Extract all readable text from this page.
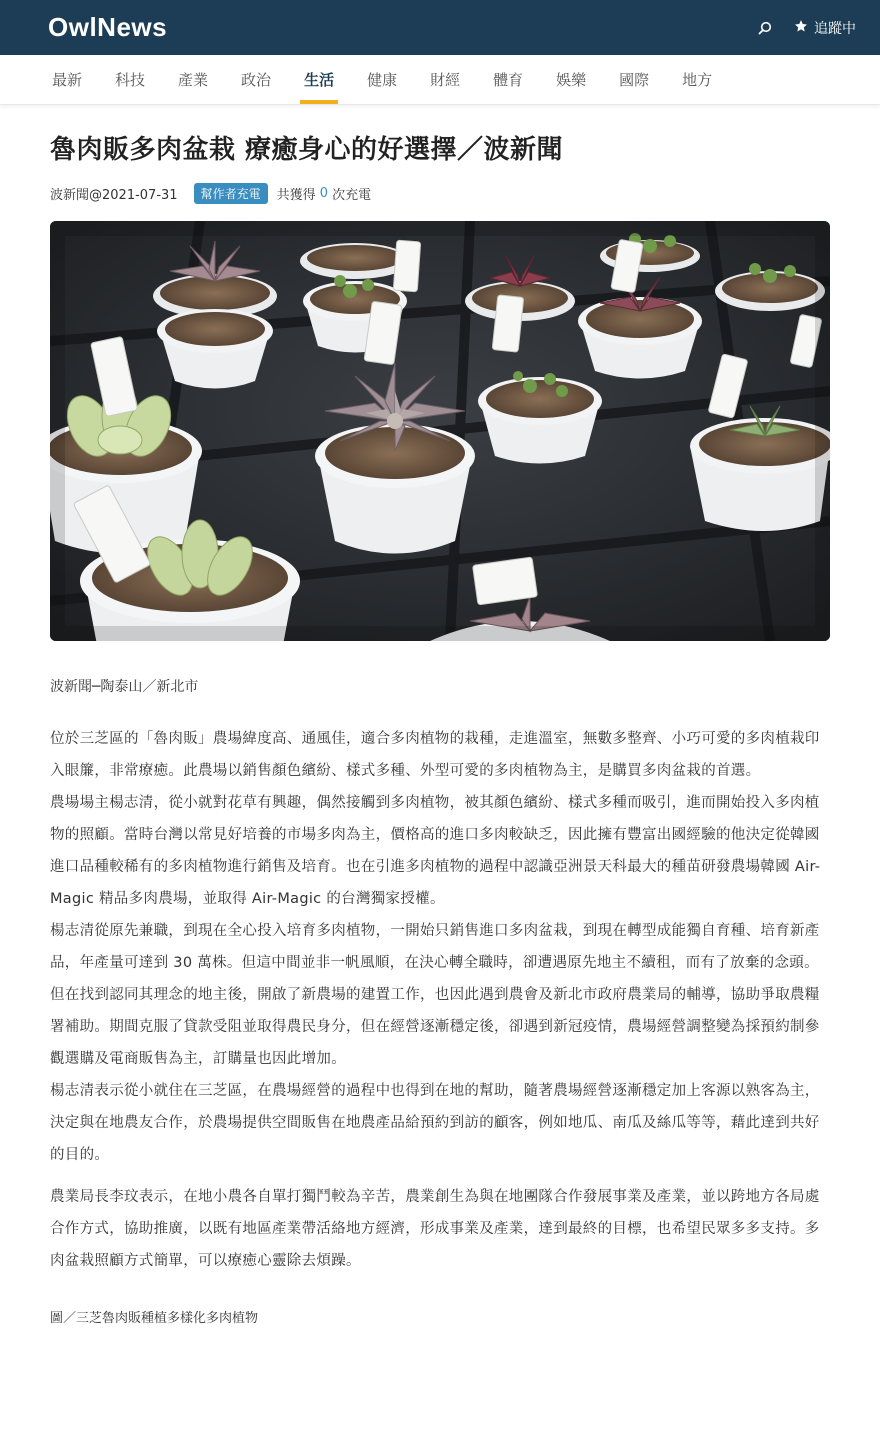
OwlNews	追蹤中
最新 科技 產業 政治 生活 健康 財經 體育 娛樂 國際 地方
魯肉販多肉盆栽 療癒身心的好選擇／波新聞
波新聞@2021-07-31	幫作者充電	共獲得
0
次充電

波新聞─陶泰山／新北市

位於三芝區的「魯肉販」農場緯度高、通風佳，適合多肉植物的栽種，走進溫室，無數多整齊、小巧可愛的多肉植栽印入眼簾，非常療癒。此農場以銷售顏色繽紛、樣式多種、外型可愛的多肉植物為主，是購買多肉盆栽的首選。

農場場主楊志清，從小就對花草有興趣，偶然接觸到多肉植物，被其顏色繽紛、樣式多種而吸引，進而開始投入多肉植物的照顧。當時台灣以常見好培養的市場多肉為主，價格高的進口多肉較缺乏，因此擁有豐富出國經驗的他決定從韓國進口品種較稀有的多肉植物進行銷售及培育。也在引進多肉植物的過程中認識亞洲景天科最大的種苗研發農場韓國 Air-Magic 精品多肉農場，並取得 Air-Magic 的台灣獨家授權。

楊志清從原先兼職，到現在全心投入培育多肉植物，一開始只銷售進口多肉盆栽，到現在轉型成能獨自育種、培育新產品，年產量可達到 30 萬株。但這中間並非一帆風順，在決心轉全職時，卻遭遇原先地主不續租，而有了放棄的念頭。但在找到認同其理念的地主後，開啟了新農場的建置工作，也因此遇到農會及新北市政府農業局的輔導，協助爭取農糧署補助。期間克服了貸款受阻並取得農民身分，但在經營逐漸穩定後，卻遇到新冠疫情，農場經營調整變為採預約制參觀選購及電商販售為主，訂購量也因此增加。

楊志清表示從小就住在三芝區，在農場經營的過程中也得到在地的幫助，隨著農場經營逐漸穩定加上客源以熟客為主，決定與在地農友合作，於農場提供空間販售在地農產品給預約到訪的顧客，例如地瓜、南瓜及絲瓜等等，藉此達到共好的目的。

農業局長李玟表示，在地小農各自單打獨鬥較為辛苦，農業創生為與在地團隊合作發展事業及產業，並以跨地方各局處合作方式，協助推廣，以既有地區產業帶活絡地方經濟，形成事業及產業，達到最終的目標，也希望民眾多多支持。多肉盆栽照顧方式簡單，可以療癒心靈除去煩躁。

圖／三芝魯肉販種植多樣化多肉植物
